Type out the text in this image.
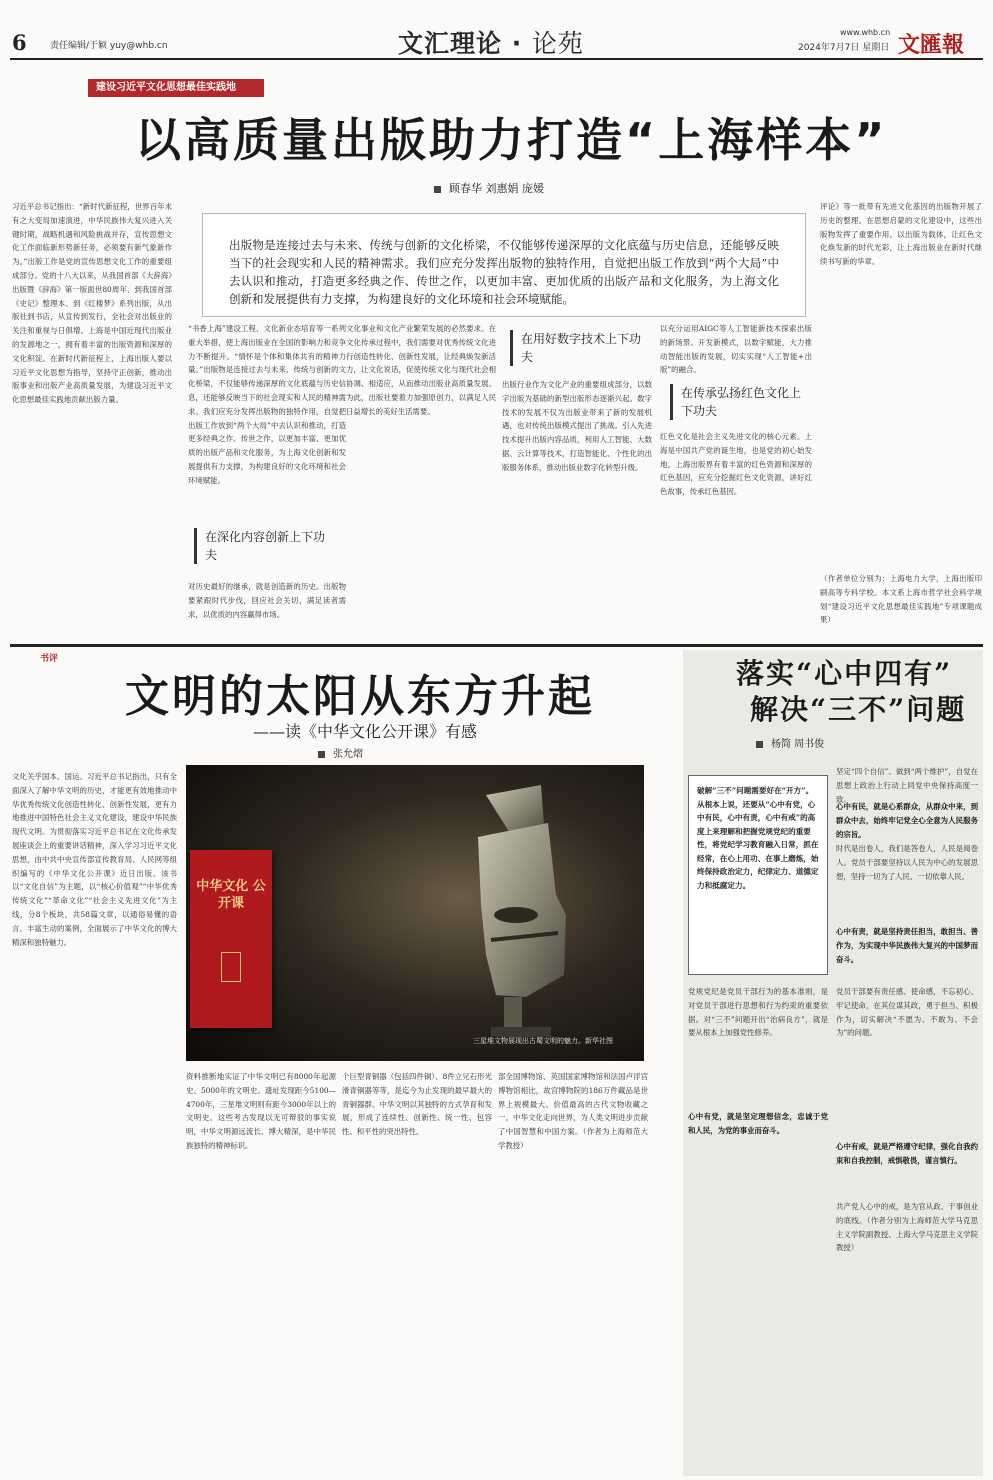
6	责任编辑/于颖 yuy@whb.cn	文汇理论 · 论苑	www.whb.cn
2024年7月7日 星期日 文匯報
建设习近平文化思想最佳实践地
以高质量出版助力打造“上海样本”
顾春华 刘惠娟 庞媛
出版物是连接过去与未来、传统与创新的文化桥梁，不仅能够传递深厚的文化底蕴与历史信息，还能够反映当下的社会现实和人民的精神需求。我们应充分发挥出版物的独特作用，自觉把出版工作放到“两个大局”中去认识和推动，打造更多经典之作、传世之作，以更加丰富、更加优质的出版产品和文化服务，为上海文化创新和发展提供有力支撑，为构建良好的文化环境和社会环境赋能。
习近平总书记指出：“新时代新征程，世界百年未有之大变局加速演进，中华民族伟大复兴进入关键时期，战略机遇和风险挑战并存，宣传思想文化工作面临新形势新任务，必须要有新气象新作为。”出版工作是党的宣传思想文化工作的重要组成部分。党的十八大以来，从我国首部《大辞海》出版暨《辞海》第一版面世80周年、到我国首部《史记》整理本、到《红楼梦》系列出版，从出版社到书店，从宣传到发行，全社会对出版业的关注和重视与日俱增。上海是中国近现代出版业的发源地之一，拥有着丰富的出版资源和深厚的文化积淀。在新时代新征程上，上海出版人要以习近平文化思想为指导，坚持守正创新，推动出版事业和出版产业高质量发展，为建设习近平文化思想最佳实践地贡献出版力量。
“书香上海”建设工程、文化新业态培育等一系列重大举措，使上海出版业在全国的影响力和竞争力不断提升。“情怀是个体和集体共有的精神力量。”出版物是连接过去与未来、传统与创新的文化桥梁，不仅能够传递深厚的文化底蕴与历史信息，还能够反映当下的社会现实和人民的精神需求。我们应充分发挥出版物的独特作用，自觉把出版工作放到“两个大局”中去认识和推动，打造更多经典之作、传世之作，以更加丰富、更加优质的出版产品和文化服务，为上海文化创新和发展提供有力支撑，为构建良好的文化环境和社会环境赋能。
在深化内容创新上下功夫
对历史最好的继承，就是创造新的历史。出版物要紧跟时代步伐，回应社会关切，满足读者需求，以优质的内容赢得市场。
文化事业和文化产业繁荣发展的必然要求。在文化传承过程中，我们需要对优秀传统文化进行创造性转化、创新性发展，让经典焕发新活力，让文化说话，促使传统文化与现代社会相协调、相适应，从而推动出版业高质量发展。为此，出版社要着力加强原创力，以满足人民日益增长的美好生活需要。
在用好数字技术上下功夫
出版行业作为文化产业的重要组成部分，以数字出版为基础的新型出版形态逐渐兴起。数字技术的发展不仅为出版业带来了新的发展机遇，也对传统出版模式提出了挑战。引入先进技术提升出版内容品质，利用人工智能、大数据、云计算等技术，打造智能化、个性化的出版服务体系，推动出版业数字化转型升级。
以充分运用AIGC等人工智能新技术探索出版的新场景、开发新模式，以数字赋能，大力推动智能出版的发展，切实实现“人工智能+出版”的融合。
在传承弘扬红色文化上下功夫
红色文化是社会主义先进文化的核心元素。上海是中国共产党的诞生地，也是党的初心始发地。上海出版界有着丰富的红色资源和深厚的红色基因，应充分挖掘红色文化资源，讲好红色故事，传承红色基因。
评论》等一批带有先进文化基因的出版物开展了历史的整理。在思想启蒙的文化建设中，这些出版物发挥了重要作用。以出版为载体，让红色文化焕发新的时代光彩，让上海出版业在新时代继续书写新的华章。
（作者单位分别为：上海电力大学，上海出版印刷高等专科学校。本文系上海市哲学社会科学规划“建设习近平文化思想最佳实践地”专项课题成果）
书评
文明的太阳从东方升起
——读《中华文化公开课》有感
张允熠
文化关乎国本、国运。习近平总书记指出，只有全面深入了解中华文明的历史，才能更有效地推动中华优秀传统文化创造性转化、创新性发展，更有力地推进中国特色社会主义文化建设，建设中华民族现代文明。为贯彻落实习近平总书记在文化传承发展座谈会上的重要讲话精神，深入学习习近平文化思想，由中共中央宣传部宣传教育局、人民网等组织编写的《中华文化公开课》近日出版。该书以“文化自信”为主题，以“核心价值观”“中华优秀传统文化”“革命文化”“社会主义先进文化”为主线，分8个板块，共58篇文章，以通俗易懂的语言、丰富生动的案例，全面展示了中华文化的博大精深和独特魅力。
中华文化 公开课
三星堆文物展现出古蜀文明的魅力。新华社图
资料推断地实证了中华文明已有8000年起源史、5000年的文明史。遗址发现距今5100—4700年，三星堆文明则有距今3000年以上的文明史。这些考古发现以无可辩驳的事实说明，中华文明源远流长、博大精深，是中华民族独特的精神标识。
个巨型青铜器（包括四件铜）、8件立兄石形光滑青铜器等等，是迄今为止发现的最早最大的青铜器群。中华文明以其独特的方式孕育和发展，形成了连续性、创新性、统一性、包容性、和平性的突出特性。
部全国博物馆、英国国家博物馆和法国卢浮宫博物馆相比，故宫博物院的186万件藏品是世界上规模最大、价值最高的古代文物收藏之一。中华文化走向世界，为人类文明进步贡献了中国智慧和中国方案。（作者为上海师范大学教授）
落实“心中四有”
解决“三不”问题
杨简 周书俊
破解“三不”问题需要好在“开方”。从根本上说，还要从“心中有党，心中有民，心中有责，心中有戒”的高度上来理解和把握党规党纪的重要性，将党纪学习教育融入日常，抓在经常，在心上用功、在事上磨炼，始终保持政治定力，纪律定力、道德定力和抵腐定力。
坚定“四个自信”、做到“两个维护”，自觉在思想上政治上行动上同党中央保持高度一致。
心中有民，就是心系群众，从群众中来，到群众中去，始终牢记党全心全意为人民服务的宗旨。
时代是出卷人，我们是答卷人，人民是阅卷人。党员干部要坚持以人民为中心的发展思想，坚持一切为了人民、一切依靠人民。
党规党纪是党员干部行为的基本准则，是对党员干部进行思想和行为约束的重要依据。对“三不”问题开出“治病良方”，就是要从根本上加强党性修养。
心中有党，就是坚定理想信念，忠诚于党和人民，为党的事业而奋斗。
心中有责，就是坚持责任担当，敢担当、善作为，为实现中华民族伟大复兴的中国梦而奋斗。
党员干部要有责任感、使命感，不忘初心、牢记使命，在其位谋其政，勇于担当、积极作为，切实解决“不愿为、不敢为、不会为”的问题。
心中有戒，就是严格遵守纪律，强化自我约束和自我控制，戒惧敬畏，谨言慎行。
共产党人心中的戒，是为官从政、干事创业的底线。（作者分别为上海师范大学马克思主义学院副教授、上海大学马克思主义学院教授）
